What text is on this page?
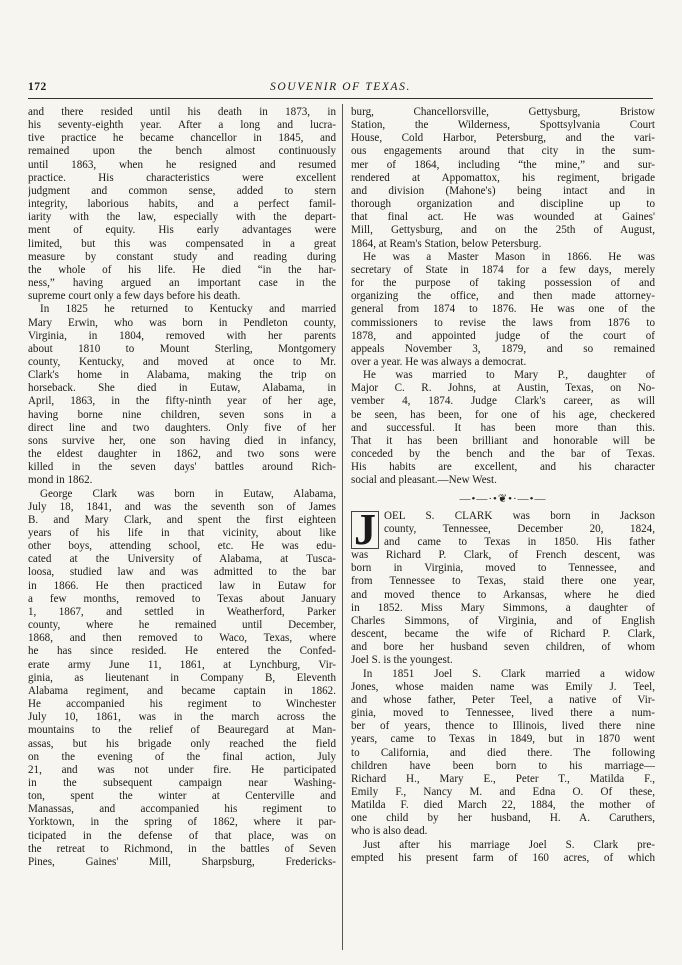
172	SOUVENIR OF TEXAS.
and there resided until his death in 1873, in
his seventy-eighth year. After a long and lucra-
tive practice he became chancellor in 1845, and
remained upon the bench almost continuously
until 1863, when he resigned and resumed
practice. His characteristics were excellent
judgment and common sense, added to stern
integrity, laborious habits, and a perfect famil-
iarity with the law, especially with the depart-
ment of equity. His early advantages were
limited, but this was compensated in a great
measure by constant study and reading during
the whole of his life. He died “in the har-
ness,” having argued an important case in the
supreme court only a few days before his death.
In 1825 he returned to Kentucky and married
Mary Erwin, who was born in Pendleton county,
Virginia, in 1804, removed with her parents
about 1810 to Mount Sterling, Montgomery
county, Kentucky, and moved at once to Mr.
Clark's home in Alabama, making the trip on
horseback. She died in Eutaw, Alabama, in
April, 1863, in the fifty-ninth year of her age,
having borne nine children, seven sons in a
direct line and two daughters. Only five of her
sons survive her, one son having died in infancy,
the eldest daughter in 1862, and two sons were
killed in the seven days' battles around Rich-
mond in 1862.
George Clark was born in Eutaw, Alabama,
July 18, 1841, and was the seventh son of James
B. and Mary Clark, and spent the first eighteen
years of his life in that vicinity, about like
other boys, attending school, etc. He was edu-
cated at the University of Alabama, at Tusca-
loosa, studied law and was admitted to the bar
in 1866. He then practiced law in Eutaw for
a few months, removed to Texas about January
1, 1867, and settled in Weatherford, Parker
county, where he remained until December,
1868, and then removed to Waco, Texas, where
he has since resided. He entered the Confed-
erate army June 11, 1861, at Lynchburg, Vir-
ginia, as lieutenant in Company B, Eleventh
Alabama regiment, and became captain in 1862.
He accompanied his regiment to Winchester
July 10, 1861, was in the march across the
mountains to the relief of Beauregard at Man-
assas, but his brigade only reached the field
on the evening of the final action, July
21, and was not under fire. He participated
in the subsequent campaign near Washing-
ton, spent the winter at Centerville and
Manassas, and accompanied his regiment to
Yorktown, in the spring of 1862, where it par-
ticipated in the defense of that place, was on
the retreat to Richmond, in the battles of Seven
Pines, Gaines' Mill, Sharpsburg, Fredericks-
burg, Chancellorsville, Gettysburg, Bristow
Station, the Wilderness, Spottsylvania Court
House, Cold Harbor, Petersburg, and the vari-
ous engagements around that city in the sum-
mer of 1864, including “the mine,” and sur-
rendered at Appomattox, his regiment, brigade
and division (Mahone's) being intact and in
thorough organization and discipline up to
that final act. He was wounded at Gaines'
Mill, Gettysburg, and on the 25th of August,
1864, at Ream's Station, below Petersburg.
He was a Master Mason in 1866. He was
secretary of State in 1874 for a few days, merely
for the purpose of taking possession of and
organizing the office, and then made attorney-
general from 1874 to 1876. He was one of the
commissioners to revise the laws from 1876 to
1878, and appointed judge of the court of
appeals November 3, 1879, and so remained
over a year. He was always a democrat.
He was married to Mary P., daughter of
Major C. R. Johns, at Austin, Texas, on No-
vember 4, 1874. Judge Clark's career, as will
be seen, has been, for one of his age, checkered
and successful. It has been more than this.
That it has been brilliant and honorable will be
conceded by the bench and the bar of Texas.
His habits are excellent, and his character
social and pleasant.—New West.
—•—·•❦•·—•—
J OEL S. CLARK was born in Jackson
county, Tennessee, December 20, 1824,
and came to Texas in 1850. His father
was Richard P. Clark, of French descent, was
born in Virginia, moved to Tennessee, and
from Tennessee to Texas, staid there one year,
and moved thence to Arkansas, where he died
in 1852. Miss Mary Simmons, a daughter of
Charles Simmons, of Virginia, and of English
descent, became the wife of Richard P. Clark,
and bore her husband seven children, of whom
Joel S. is the youngest.
In 1851 Joel S. Clark married a widow
Jones, whose maiden name was Emily J. Teel,
and whose father, Peter Teel, a native of Vir-
ginia, moved to Tennessee, lived there a num-
ber of years, thence to Illinois, lived there nine
years, came to Texas in 1849, but in 1870 went
to California, and died there. The following
children have been born to his marriage—
Richard H., Mary E., Peter T., Matilda F.,
Emily F., Nancy M. and Edna O. Of these,
Matilda F. died March 22, 1884, the mother of
one child by her husband, H. A. Caruthers,
who is also dead.
Just after his marriage Joel S. Clark pre-
empted his present farm of 160 acres, of which
